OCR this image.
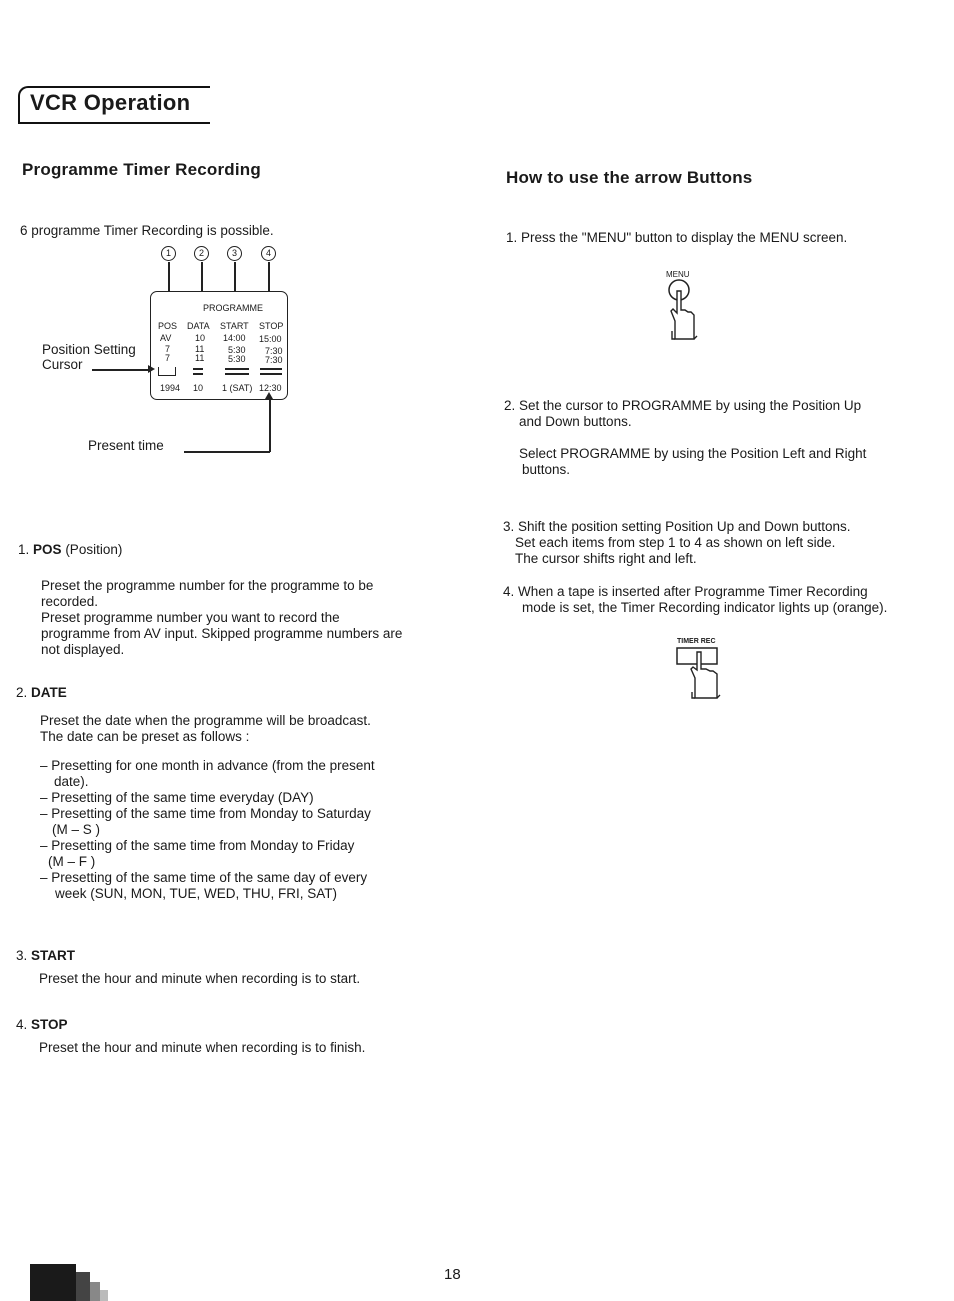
VCR Operation
Programme Timer Recording
6 programme Timer Recording is possible.
1	2	3	4
PROGRAMME
POS DATA START STOP
AV	10 14:00 15:00
7	11	5:30 7:30
7	11	5:30 7:30
1994 10 1 (SAT) 12:30
Position Setting
Cursor
Present time
1. POS (Position)
Preset the programme number for the programme to be
recorded.
Preset programme number you want to record the
programme from AV input. Skipped programme numbers are
not displayed.
2. DATE
Preset the date when the programme will be broadcast.
The date can be preset as follows :
– Presetting for one month in advance (from the present
date).
– Presetting of the same time everyday (DAY)
– Presetting of the same time from Monday to Saturday
(M – S )
– Presetting of the same time from Monday to Friday
(M – F )
– Presetting of the same time of the same day of every
week (SUN, MON, TUE, WED, THU, FRI, SAT)
3. START
Preset the hour and minute when recording is to start.
4. STOP
Preset the hour and minute when recording is to finish.
How to use the arrow Buttons
1. Press the "MENU" button to display the MENU screen.
MENU
2. Set the cursor to PROGRAMME by using the Position Up
and Down buttons.
Select PROGRAMME by using the Position Left and Right
buttons.
3. Shift the position setting Position Up and Down buttons.
Set each items from step 1 to 4 as shown on left side.
The cursor shifts right and left.
4. When a tape is inserted after Programme Timer Recording
mode is set, the Timer Recording indicator lights up (orange).
TIMER REC
18
